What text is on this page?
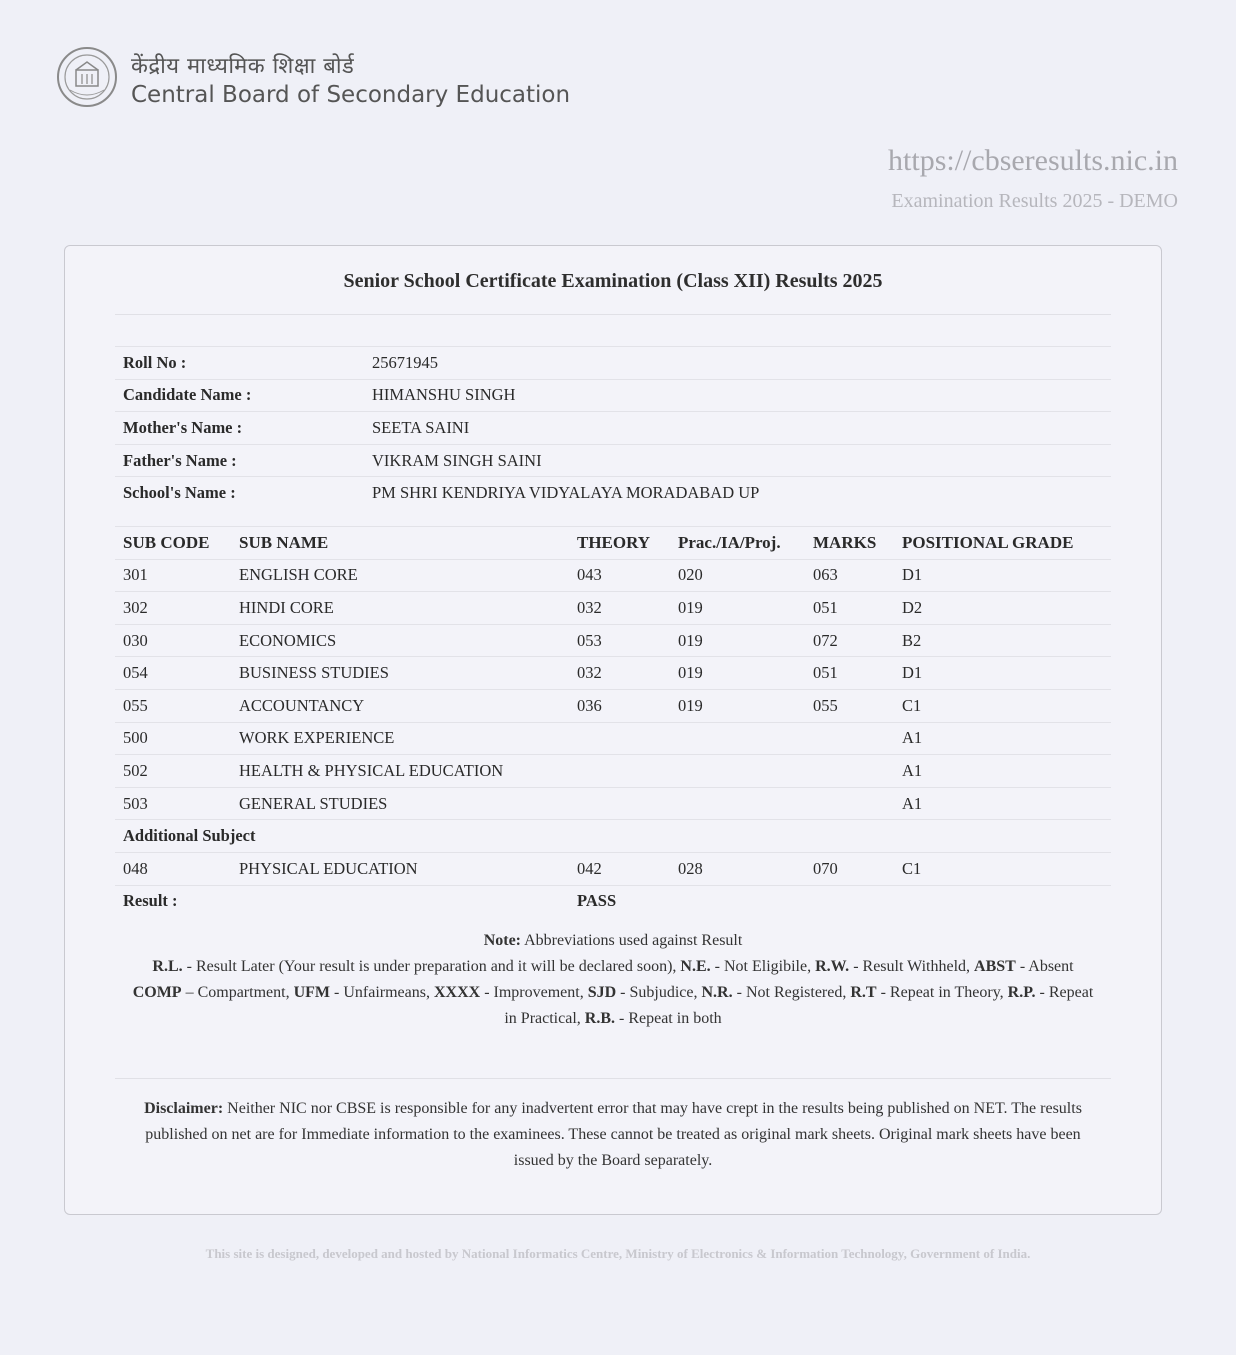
केंद्रीय माध्यमिक शिक्षा बोर्ड
Central Board of Secondary Education
https://cbseresults.nic.in
Examination Results 2025 - DEMO
Senior School Certificate Examination (Class XII) Results 2025
Roll No :	25671945
Candidate Name :	HIMANSHU SINGH
Mother's Name :	SEETA SAINI
Father's Name :	VIKRAM SINGH SAINI
School's Name :	PM SHRI KENDRIYA VIDYALAYA MORADABAD UP
SUB CODE	SUB NAME	THEORY	Prac./IA/Proj.	MARKS	POSITIONAL GRADE
301	ENGLISH CORE	043	020	063	D1
302	HINDI CORE	032	019	051	D2
030	ECONOMICS	053	019	072	B2
054	BUSINESS STUDIES	032	019	051	D1
055	ACCOUNTANCY	036	019	055	C1
500	WORK EXPERIENCE				A1
502	HEALTH & PHYSICAL EDUCATION				A1
503	GENERAL STUDIES				A1
Additional Subject					
048	PHYSICAL EDUCATION	042	028	070	C1
Result :		PASS			
Note: Abbreviations used against Result
R.L. - Result Later (Your result is under preparation and it will be declared soon), N.E. - Not Eligibile, R.W. - Result Withheld, ABST - Absent
COMP – Compartment, UFM - Unfairmeans, XXXX - Improvement, SJD - Subjudice, N.R. - Not Registered, R.T - Repeat in Theory, R.P. - Repeat in Practical, R.B. - Repeat in both
Disclaimer: Neither NIC nor CBSE is responsible for any inadvertent error that may have crept in the results being published on NET. The results published on net are for Immediate information to the examinees. These cannot be treated as original mark sheets. Original mark sheets have been issued by the Board separately.
This site is designed, developed and hosted by National Informatics Centre, Ministry of Electronics & Information Technology, Government of India.
